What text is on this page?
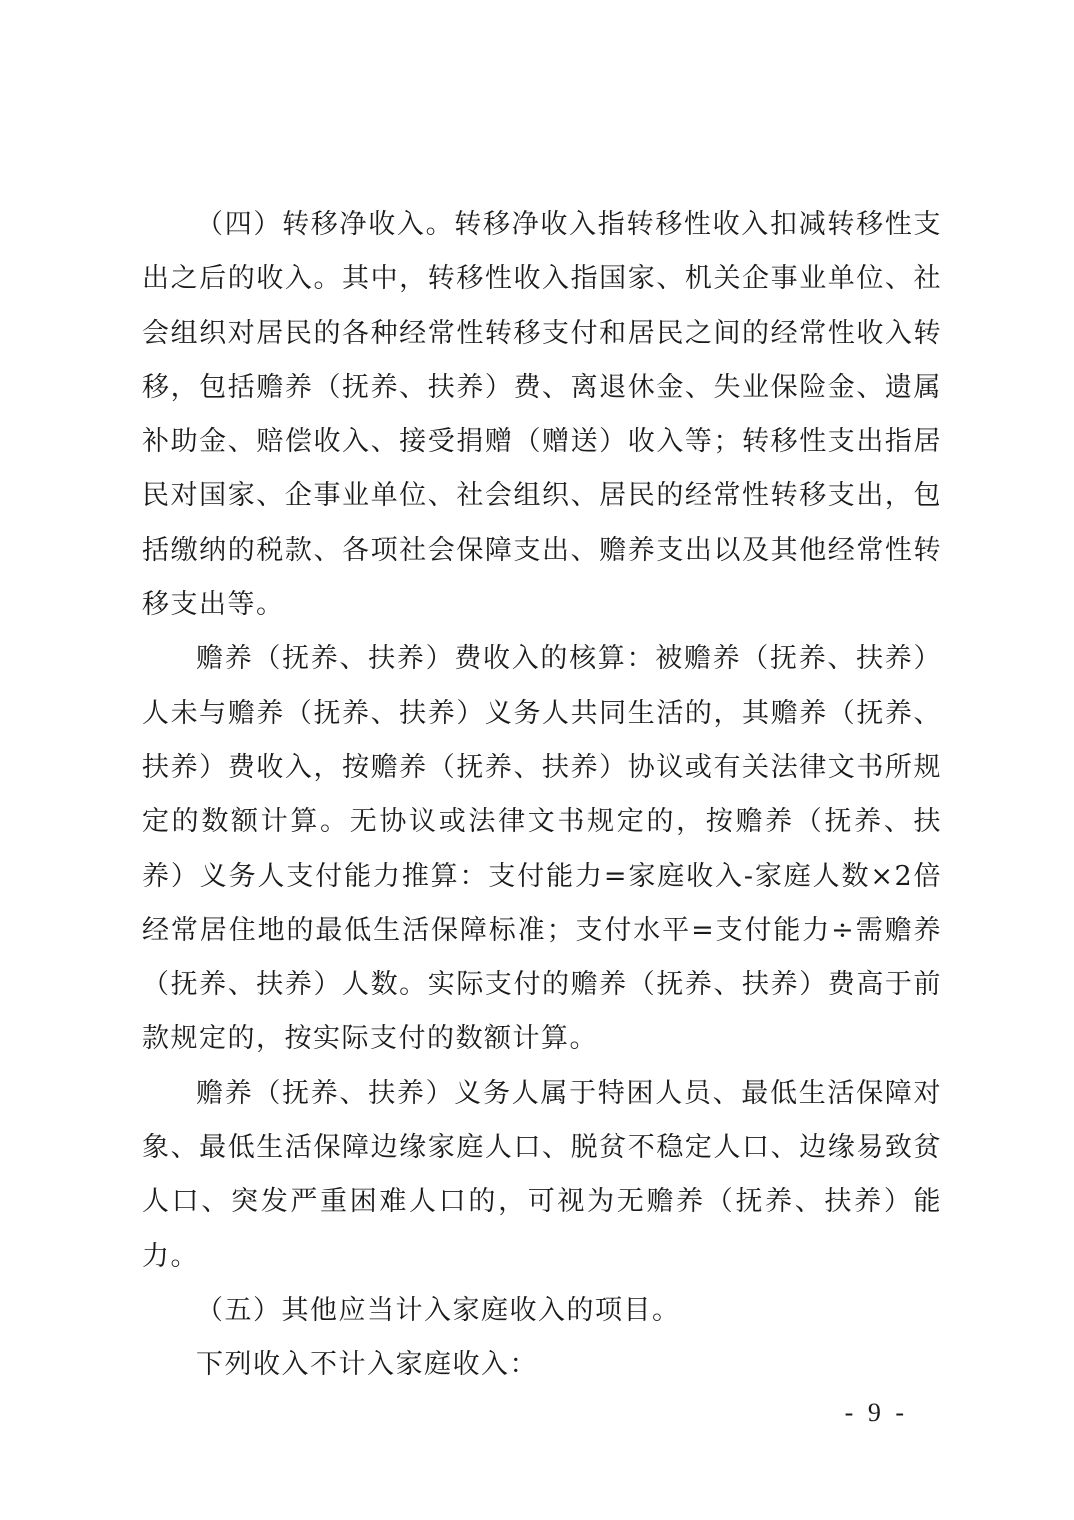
（四）转移净收入。转移净收入指转移性收入扣减转移性支出之后的收入。其中，转移性收入指国家、机关企事业单位、社会组织对居民的各种经常性转移支付和居民之间的经常性收入转移，包括赡养（抚养、扶养）费、离退休金、失业保险金、遗属补助金、赔偿收入、接受捐赠（赠送）收入等；转移性支出指居民对国家、企事业单位、社会组织、居民的经常性转移支出，包括缴纳的税款、各项社会保障支出、赡养支出以及其他经常性转移支出等。

赡养（抚养、扶养）费收入的核算：被赡养（抚养、扶养）人未与赡养（抚养、扶养）义务人共同生活的，其赡养（抚养、扶养）费收入，按赡养（抚养、扶养）协议或有关法律文书所规定的数额计算。无协议或法律文书规定的，按赡养（抚养、扶养）义务人支付能力推算：支付能力=家庭收入-家庭人数×2倍经常居住地的最低生活保障标准；支付水平=支付能力÷需赡养（抚养、扶养）人数。实际支付的赡养（抚养、扶养）费高于前款规定的，按实际支付的数额计算。

赡养（抚养、扶养）义务人属于特困人员、最低生活保障对象、最低生活保障边缘家庭人口、脱贫不稳定人口、边缘易致贫人口、突发严重困难人口的，可视为无赡养（抚养、扶养）能力。

（五）其他应当计入家庭收入的项目。

下列收入不计入家庭收入：

- 9 -
